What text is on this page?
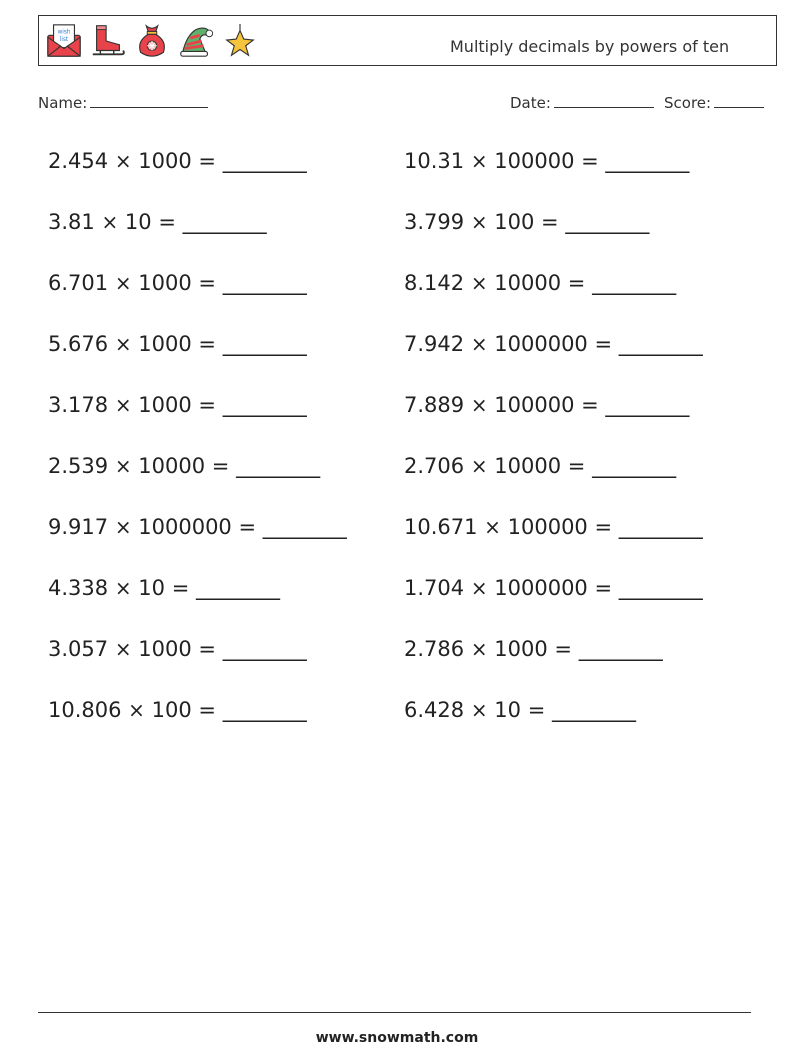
wish
list	Multiply decimals by powers of ten
Name:	Date:	Score:
2.454 × 1000 = ________
3.81 × 10 = ________
6.701 × 1000 = ________
5.676 × 1000 = ________
3.178 × 1000 = ________
2.539 × 10000 = ________
9.917 × 1000000 = ________
4.338 × 10 = ________
3.057 × 1000 = ________
10.806 × 100 = ________
10.31 × 100000 = ________
3.799 × 100 = ________
8.142 × 10000 = ________
7.942 × 1000000 = ________
7.889 × 100000 = ________
2.706 × 10000 = ________
10.671 × 100000 = ________
1.704 × 1000000 = ________
2.786 × 1000 = ________
6.428 × 10 = ________
www.snowmath.com
